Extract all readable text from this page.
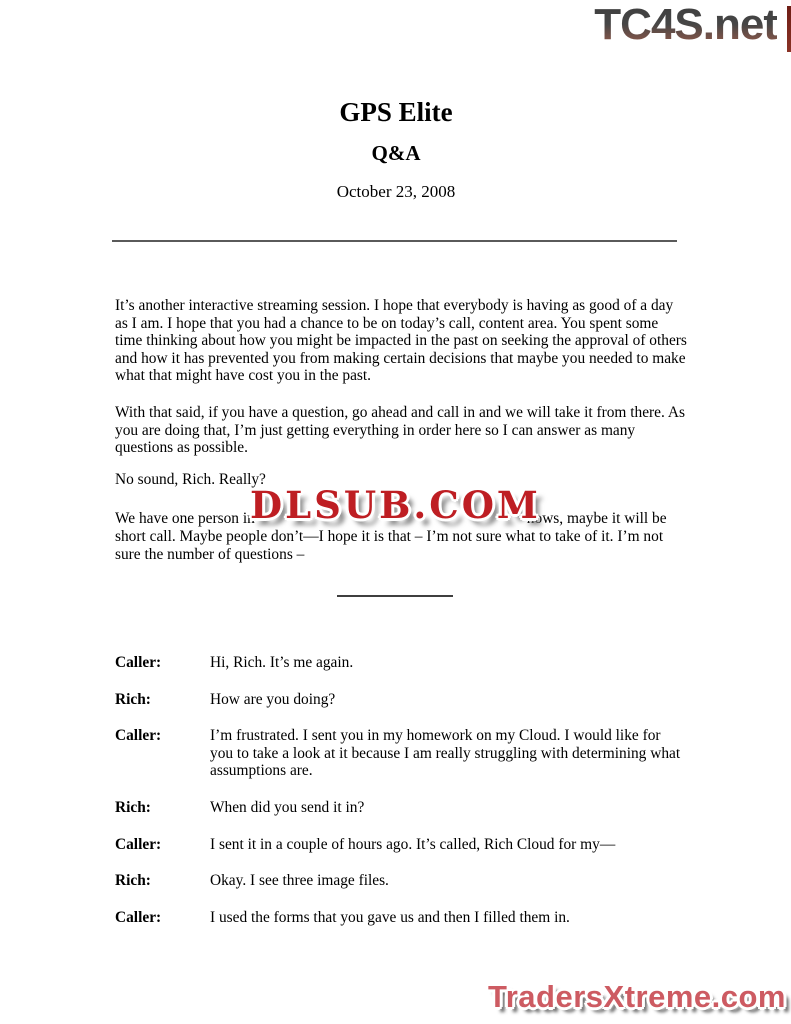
TC4S.net

GPS Elite

Q&A

October 23, 2008

It’s another interactive streaming session. I hope that everybody is having as good of a day as I am. I hope that you had a chance to be on today’s call, content area. You spent some time thinking about how you might be impacted in the past on seeking the approval of others and how it has prevented you from making certain decisions that maybe you needed to make what that might have cost you in the past.

With that said, if you have a question, go ahead and call in and we will take it from there. As you are doing that, I’m just getting everything in order here so I can answer as many questions as possible.

No sound, Rich. Really?

We have one person in	nows, maybe it will be short call. Maybe people don’t—I hope it is that – I’m not sure what to take of it. I’m not sure the number of questions –

DLSUB.COM
Caller:	Hi, Rich. It’s me again.
Rich:	How are you doing?
Caller:	I’m frustrated. I sent you in my homework on my Cloud. I would like for you to take a look at it because I am really struggling with determining what assumptions are.
Rich:	When did you send it in?
Caller:	I sent it in a couple of hours ago. It’s called, Rich Cloud for my—
Rich:	Okay. I see three image files.
Caller:	I used the forms that you gave us and then I filled them in.
TradersXtreme.com
